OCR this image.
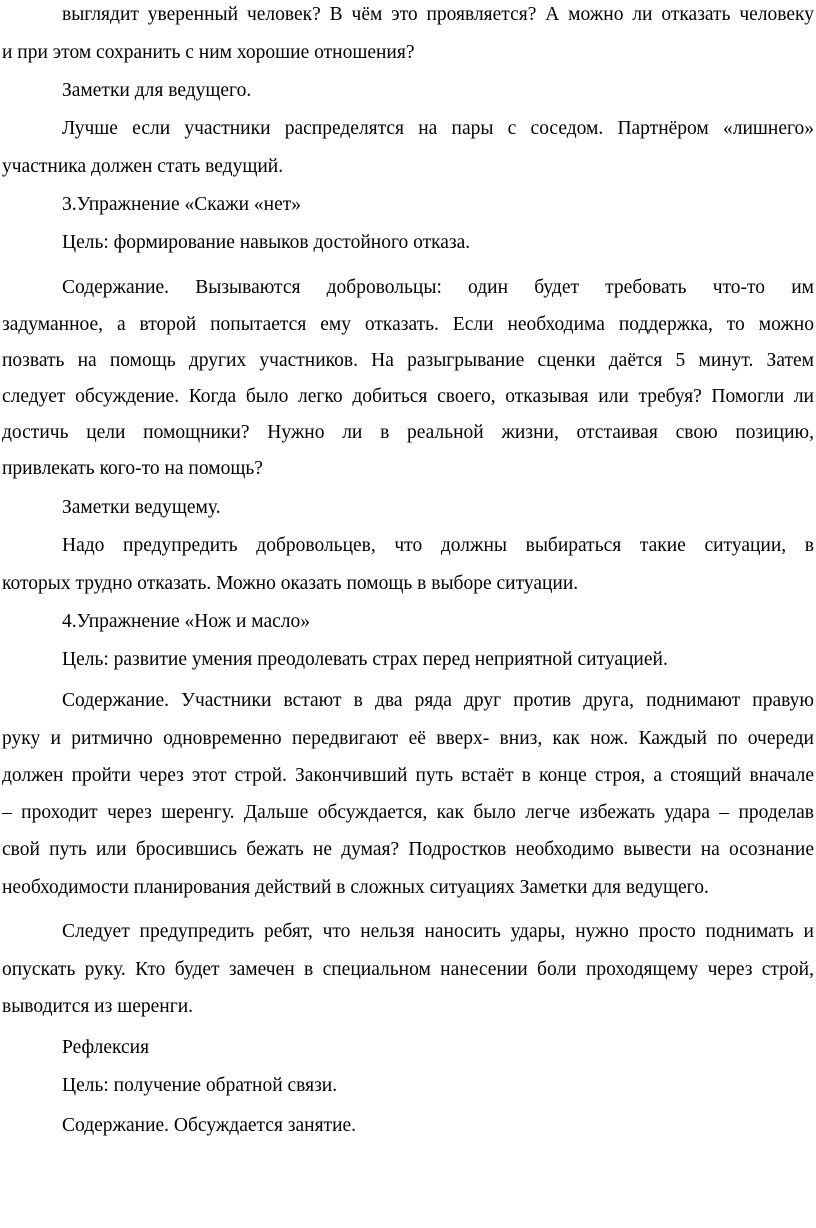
выглядит уверенный человек? В чём это проявляется? А можно ли отказать человеку
и при этом сохранить с ним хорошие отношения?
Заметки для ведущего.
Лучше если участники распределятся на пары с соседом. Партнёром «лишнего»
участника должен стать ведущий.
3.Упражнение «Скажи «нет»
Цель: формирование навыков достойного отказа.
Содержание. Вызываются добровольцы: один будет требовать что-то им
задуманное, а второй попытается ему отказать. Если необходима поддержка, то можно
позвать на помощь других участников. На разыгрывание сценки даётся 5 минут. Затем
следует обсуждение. Когда было легко добиться своего, отказывая или требуя? Помогли ли
достичь цели помощники? Нужно ли в реальной жизни, отстаивая свою позицию,
привлекать кого-то на помощь?
Заметки ведущему.
Надо предупредить добровольцев, что должны выбираться такие ситуации, в
которых трудно отказать. Можно оказать помощь в выборе ситуации.
4.Упражнение «Нож и масло»
Цель: развитие умения преодолевать страх перед неприятной ситуацией.
Содержание. Участники встают в два ряда друг против друга, поднимают правую
руку и ритмично одновременно передвигают её вверх- вниз, как нож. Каждый по очереди
должен пройти через этот строй. Закончивший путь встаёт в конце строя, а стоящий вначале
– проходит через шеренгу. Дальше обсуждается, как было легче избежать удара – проделав
свой путь или бросившись бежать не думая? Подростков необходимо вывести на осознание
необходимости планирования действий в сложных ситуациях Заметки для ведущего.
Следует предупредить ребят, что нельзя наносить удары, нужно просто поднимать и
опускать руку. Кто будет замечен в специальном нанесении боли проходящему через строй,
выводится из шеренги.
Рефлексия
Цель: получение обратной связи.
Содержание. Обсуждается занятие.
